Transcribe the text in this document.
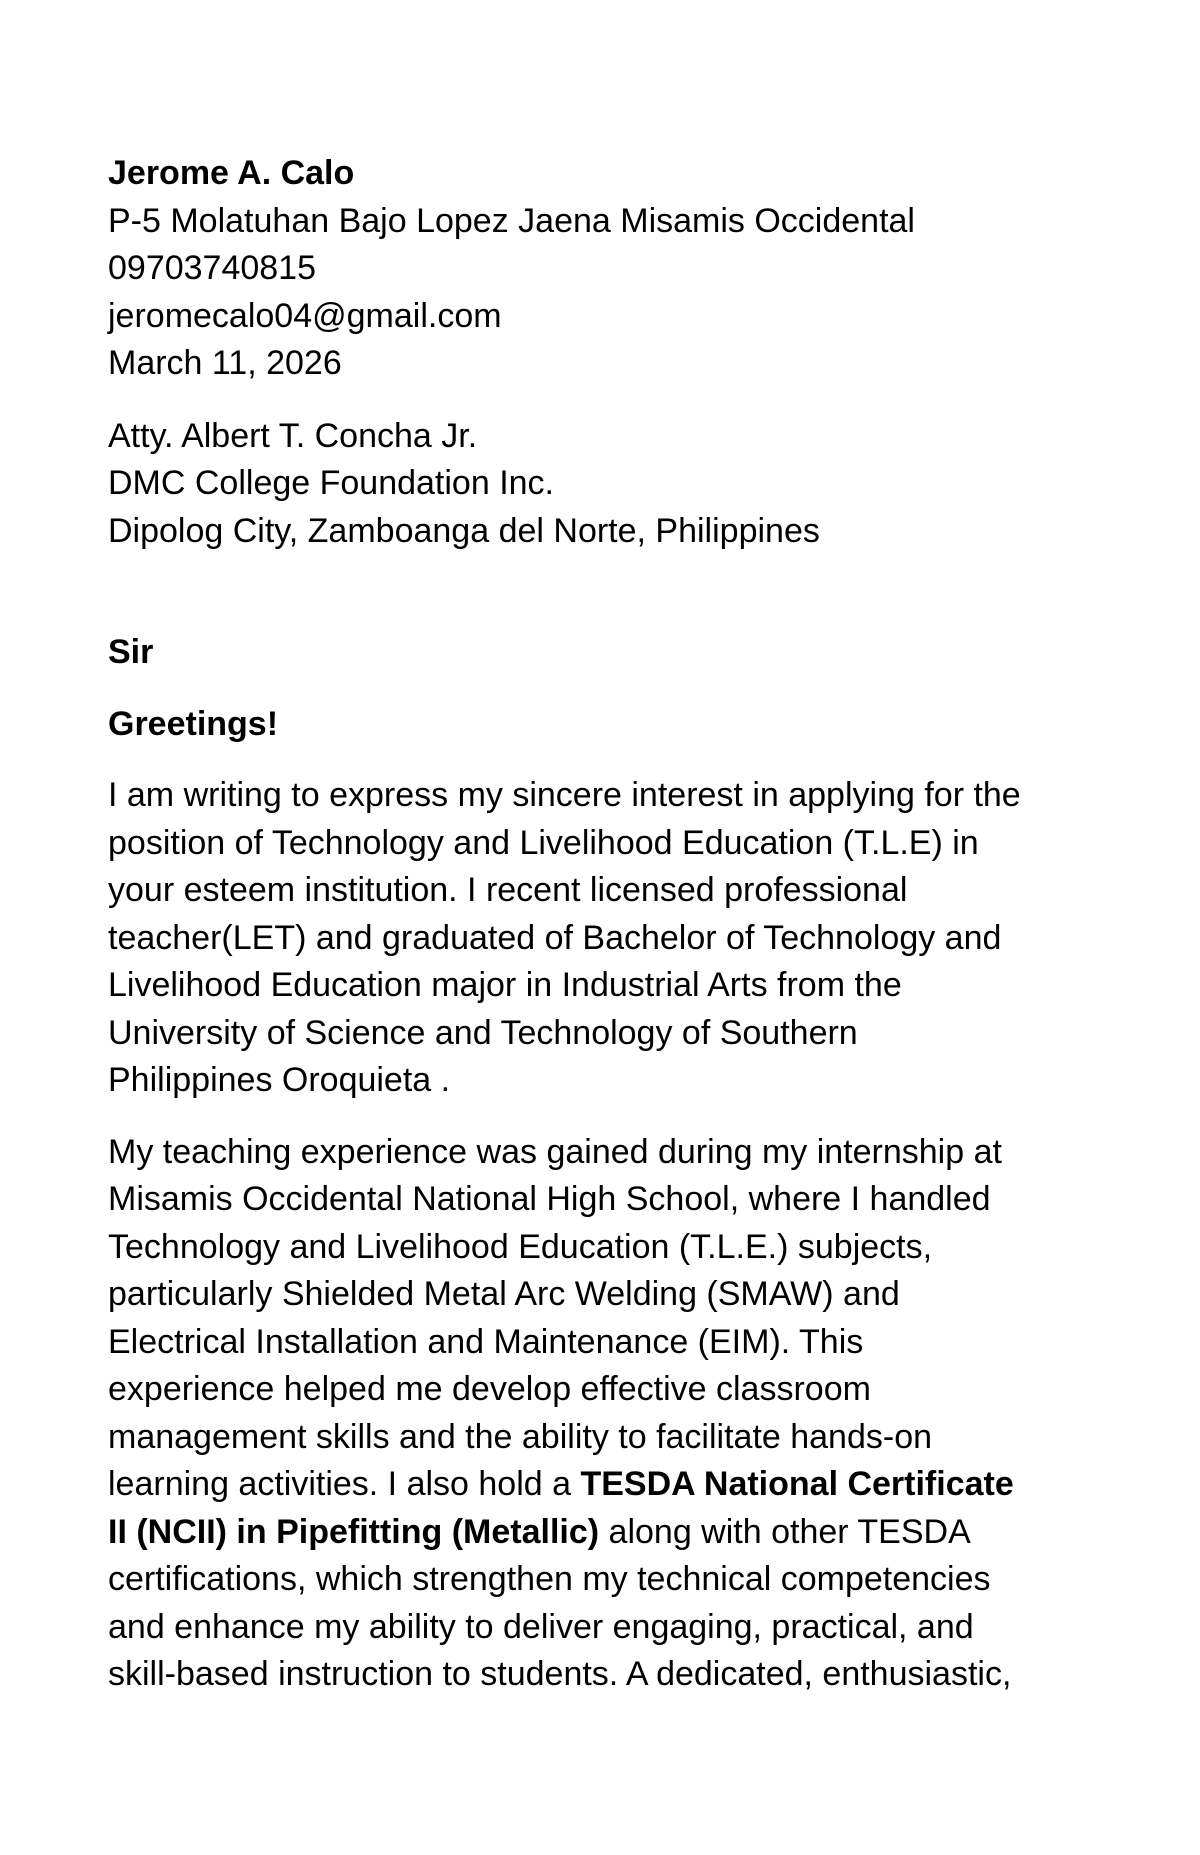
Jerome A. Calo
P-5 Molatuhan Bajo Lopez Jaena Misamis Occidental
09703740815
jeromecalo04@gmail.com
March 11, 2026
Atty. Albert T. Concha Jr.
DMC College Foundation Inc.
Dipolog City, Zamboanga del Norte, Philippines
Sir
Greetings!
I am writing to express my sincere interest in applying for the
position of Technology and Livelihood Education (T.L.E) in
your esteem institution. I recent licensed professional
teacher(LET) and graduated of Bachelor of Technology and
Livelihood Education major in Industrial Arts from the
University of Science and Technology of Southern
Philippines Oroquieta .
My teaching experience was gained during my internship at
Misamis Occidental National High School, where I handled
Technology and Livelihood Education (T.L.E.) subjects,
particularly Shielded Metal Arc Welding (SMAW) and
Electrical Installation and Maintenance (EIM). This
experience helped me develop effective classroom
management skills and the ability to facilitate hands-on
learning activities. I also hold a TESDA National Certificate
II (NCII) in Pipefitting (Metallic) along with other TESDA
certifications, which strengthen my technical competencies
and enhance my ability to deliver engaging, practical, and
skill-based instruction to students. A dedicated, enthusiastic,
